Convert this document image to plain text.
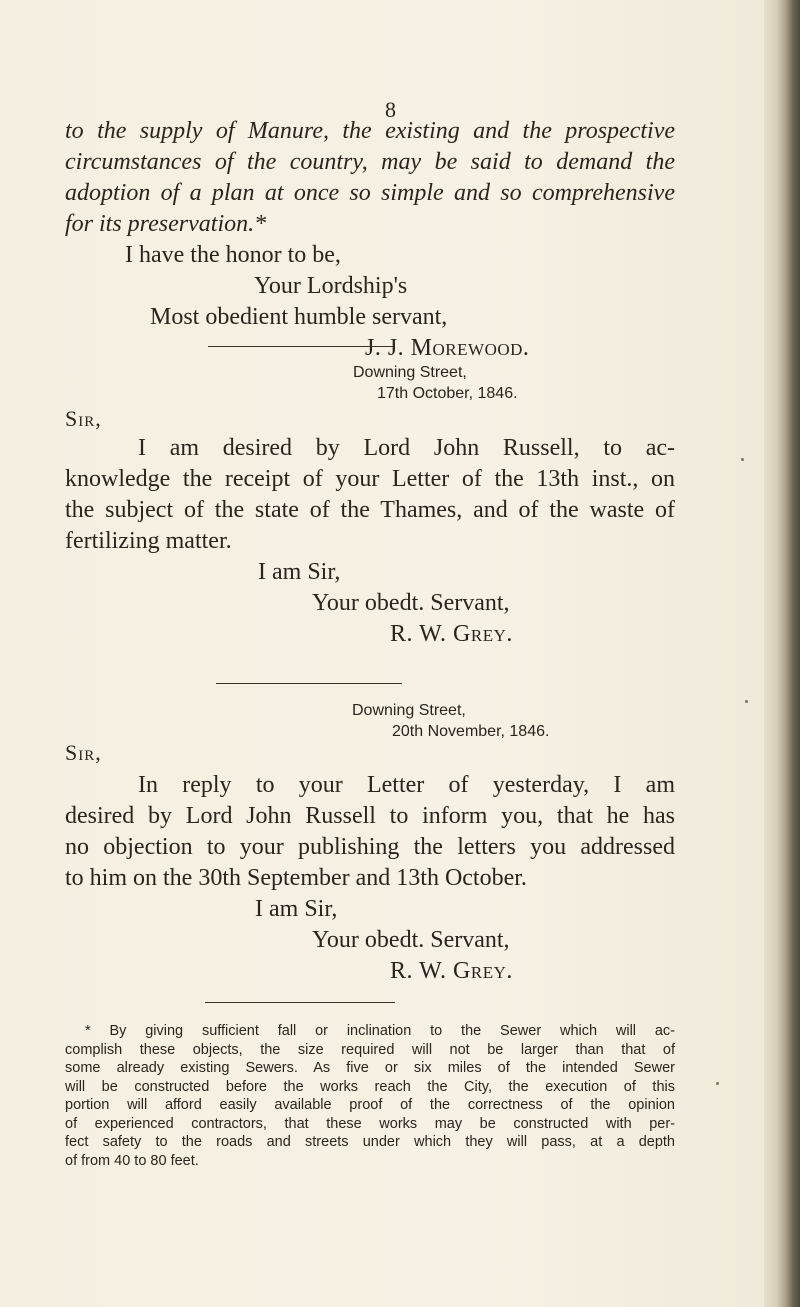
8
to the supply of Manure, the existing and the prospective
circumstances of the country, may be said to demand the
adoption of a plan at once so simple and so comprehensive
for its preservation.*
I have the honor to be,
Your Lordship's
Most obedient humble servant,
J. J. Morewood.
Downing Street,
17th October, 1846.
Sir,
I am desired by Lord John Russell, to ac-
knowledge the receipt of your Letter of the 13th inst., on
the subject of the state of the Thames, and of the waste of
fertilizing matter.
I am Sir,
Your obedt. Servant,
R. W. Grey.
Downing Street,
20th November, 1846.
Sir,
In reply to your Letter of yesterday, I am
desired by Lord John Russell to inform you, that he has
no objection to your publishing the letters you addressed
to him on the 30th September and 13th October.
I am Sir,
Your obedt. Servant,
R. W. Grey.
* By giving sufficient fall or inclination to the Sewer which will ac-
complish these objects, the size required will not be larger than that of
some already existing Sewers. As five or six miles of the intended Sewer
will be constructed before the works reach the City, the execution of this
portion will afford easily available proof of the correctness of the opinion
of experienced contractors, that these works may be constructed with per-
fect safety to the roads and streets under which they will pass, at a depth
of from 40 to 80 feet.
